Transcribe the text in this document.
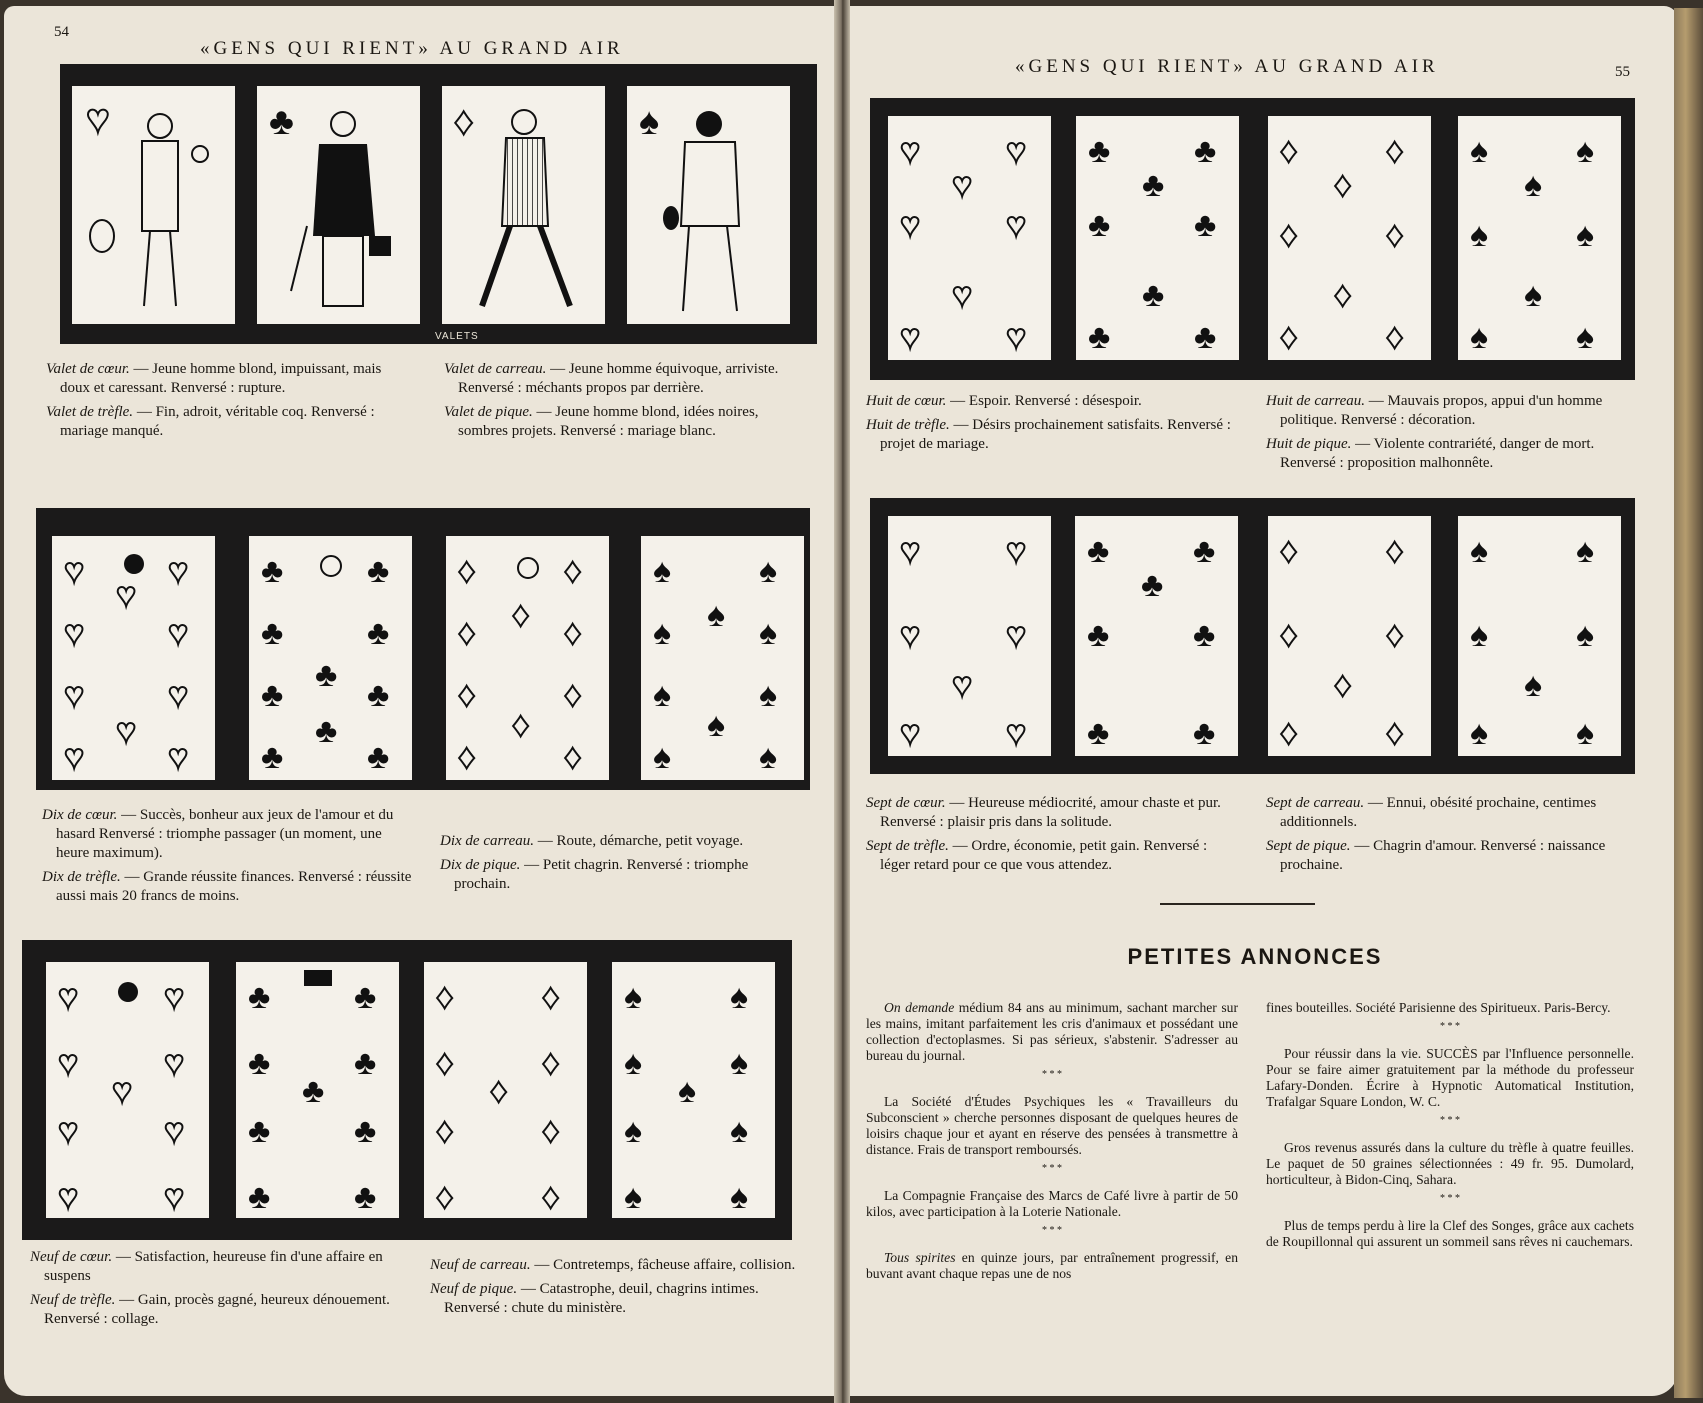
54
«GENS QUI RIENT» AU GRAND AIR
«GENS QUI RIENT» AU GRAND AIR	55
♥	♣	♦	♠
VALETS

Valet de cœur. — Jeune homme blond, impuissant, mais doux et caressant. Renversé : rupture.

Valet de trèfle. — Fin, adroit, véritable coq. Renversé : mariage manqué.

Valet de carreau. — Jeune homme équivoque, arriviste. Renversé : méchants propos par derrière.

Valet de pique. — Jeune homme blond, idées noires, sombres projets. Renversé : mariage blanc.

♥ ♥
♥ ♥
♥ ♥
♥ ♥
♥
♥
♣ ♣
♣ ♣
♣ ♣
♣ ♣
♣
♣
♦	♦
♦	♦
♦	♦
♦	♦
♦
♦
♠	♠
♠	♠
♠	♠
♠	♠
♠
♠

Dix de cœur. — Succès, bonheur aux jeux de l'amour et du hasard Renversé : triomphe passager (un moment, une heure maximum).

Dix de trèfle. — Grande réussite finances. Renversé : réussite aussi mais 20 francs de moins.

Dix de carreau. — Route, démarche, petit voyage.

Dix de pique. — Petit chagrin. Renversé : triomphe prochain.

♥	♥
♥	♥
♥	♥
♥	♥
♥
♣ ♣
♣ ♣
♣ ♣
♣ ♣
♣
♦	♦
♦	♦
♦	♦
♦	♦
♦
♠	♠
♠	♠
♠	♠
♠	♠
♠

Neuf de cœur. — Satisfaction, heureuse fin d'une affaire en suspens

Neuf de trèfle. — Gain, procès gagné, heureux dénouement. Renversé : collage.

Neuf de carreau. — Contretemps, fâcheuse affaire, collision.

Neuf de pique. — Catastrophe, deuil, chagrins intimes. Renversé : chute du ministère.

♥	♥
♥	♥
♥	♥
♥
♥
♣ ♣
♣ ♣
♣ ♣
♣
♣
♦	♦
♦	♦
♦	♦
♦
♦
♠	♠
♠	♠
♠	♠
♠
♠

Huit de cœur. — Espoir. Renversé : désespoir.

Huit de trèfle. — Désirs prochainement satisfaits. Renversé : projet de mariage.

Huit de carreau. — Mauvais propos, appui d'un homme politique. Renversé : décoration.

Huit de pique. — Violente contrariété, danger de mort. Renversé : proposition malhonnête.

♥	♥
♥	♥
♥	♥
♥
♣ ♣
♣ ♣
♣ ♣
♣
♦	♦
♦	♦
♦	♦
♦
♠	♠
♠	♠
♠	♠
♠

Sept de cœur. — Heureuse médiocrité, amour chaste et pur. Renversé : plaisir pris dans la solitude.

Sept de trèfle. — Ordre, économie, petit gain. Renversé : léger retard pour ce que vous attendez.

Sept de carreau. — Ennui, obésité prochaine, centimes additionnels.

Sept de pique. — Chagrin d'amour. Renversé : naissance prochaine.

PETITES ANNONCES

On demande médium 84 ans au minimum, sachant marcher sur les mains, imitant parfaitement les cris d'animaux et possédant une collection d'ectoplasmes. Si pas sérieux, s'abstenir. S'adresser au bureau du journal.

* * *

La Société d'Études Psychiques les « Travailleurs du Subconscient » cherche personnes disposant de quelques heures de loisirs chaque jour et ayant en réserve des pensées à transmettre à distance. Frais de transport remboursés.

* * *

La Compagnie Française des Marcs de Café livre à partir de 50 kilos, avec participation à la Loterie Nationale.

* * *

Tous spirites en quinze jours, par entraînement progressif, en buvant avant chaque repas une de nos

fines bouteilles. Société Parisienne des Spiritueux. Paris-Bercy.

* * *

Pour réussir dans la vie. SUCCÈS par l'Influence personnelle. Pour se faire aimer gratuitement par la méthode du professeur Lafary-Donden. Écrire à Hypnotic Automatical Institution, Trafalgar Square London, W. C.

* * *

Gros revenus assurés dans la culture du trèfle à quatre feuilles. Le paquet de 50 graines sélectionnées : 49 fr. 95. Dumolard, horticulteur, à Bidon-Cinq, Sahara.

* * *

Plus de temps perdu à lire la Clef des Songes, grâce aux cachets de Roupillonnal qui assurent un sommeil sans rêves ni cauchemars.
